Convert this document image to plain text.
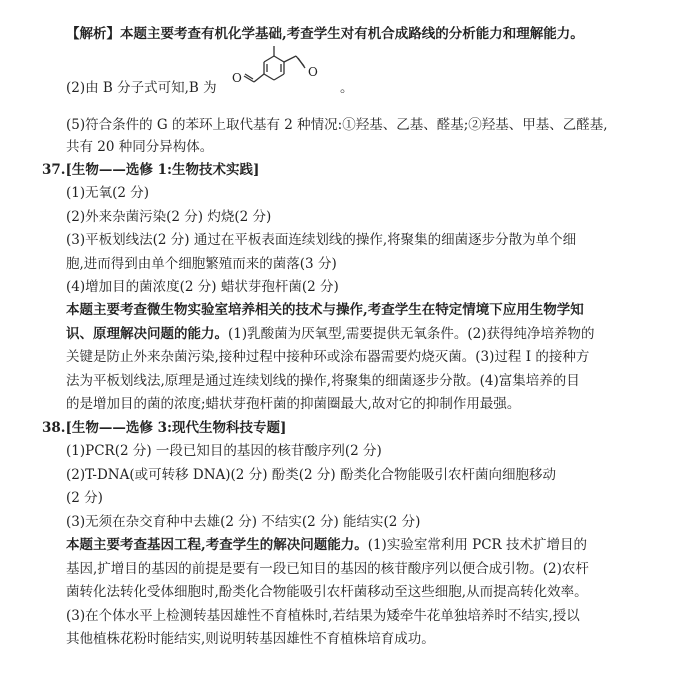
【解析】本题主要考查有机化学基础,考查学生对有机合成路线的分析能力和理解能力。
(2)由 B 分子式可知,B 为
O	O
。
(5)符合条件的 G 的苯环上取代基有 2 种情况:①羟基、乙基、醛基;②羟基、甲基、乙醛基,
共有 20 种同分异构体。
37.[生物——选修 1:生物技术实践]
(1)无氧(2 分)
(2)外来杂菌污染(2 分) 灼烧(2 分)
(3)平板划线法(2 分) 通过在平板表面连续划线的操作,将聚集的细菌逐步分散为单个细
胞,进而得到由单个细胞繁殖而来的菌落(3 分)
(4)增加目的菌浓度(2 分) 蜡状芽孢杆菌(2 分)
本题主要考查微生物实验室培养相关的技术与操作,考查学生在特定情境下应用生物学知
识、原理解决问题的能力。(1)乳酸菌为厌氧型,需要提供无氧条件。(2)获得纯净培养物的
关键是防止外来杂菌污染,接种过程中接种环或涂布器需要灼烧灭菌。(3)过程 Ⅰ 的接种方
法为平板划线法,原理是通过连续划线的操作,将聚集的细菌逐步分散。(4)富集培养的目
的是增加目的菌的浓度;蜡状芽孢杆菌的抑菌圈最大,故对它的抑制作用最强。
38.[生物——选修 3:现代生物科技专题]
(1)PCR(2 分) 一段已知目的基因的核苷酸序列(2 分)
(2)T-DNA(或可转移 DNA)(2 分) 酚类(2 分) 酚类化合物能吸引农杆菌向细胞移动
(2 分)
(3)无须在杂交育种中去雄(2 分) 不结实(2 分) 能结实(2 分)
本题主要考查基因工程,考查学生的解决问题能力。(1)实验室常利用 PCR 技术扩增目的
基因,扩增目的基因的前提是要有一段已知目的基因的核苷酸序列以便合成引物。(2)农杆
菌转化法转化受体细胞时,酚类化合物能吸引农杆菌移动至这些细胞,从而提高转化效率。
(3)在个体水平上检测转基因雄性不育植株时,若结果为矮牵牛花单独培养时不结实,授以
其他植株花粉时能结实,则说明转基因雄性不育植株培育成功。
